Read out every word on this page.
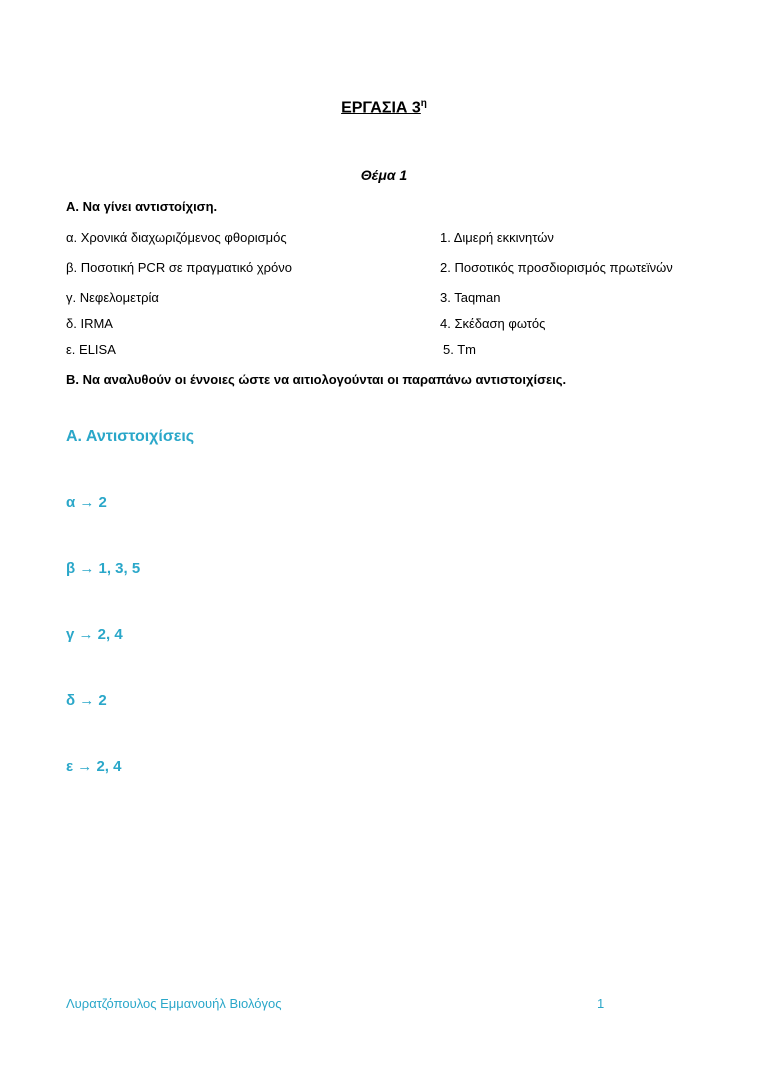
ΕΡΓΑΣΙΑ $3^\eta$
Θέμα 1
Α. Να γίνει αντιστοίχιση.
α. Χρονικά διαχωριζόμενος φθορισμός
β. Ποσοτική PCR σε πραγματικό χρόνο
γ. Νεφελομετρία
δ. IRMA
ε. ELISA
1. Διμερή εκκινητών
2. Ποσοτικός προσδιορισμός πρωτεϊνών
3. Taqman
4. Σκέδαση φωτός
5. Tm
Β. Να αναλυθούν οι έννοιες ώστε να αιτιολογούνται οι παραπάνω αντιστοιχίσεις.
Α. Αντιστοιχίσεις
α → 2
β → 1, 3, 5
γ → 2, 4
δ → 2
ε → 2, 4
Λυρατζόπουλος Εμμανουήλ Βιολόγος	1
